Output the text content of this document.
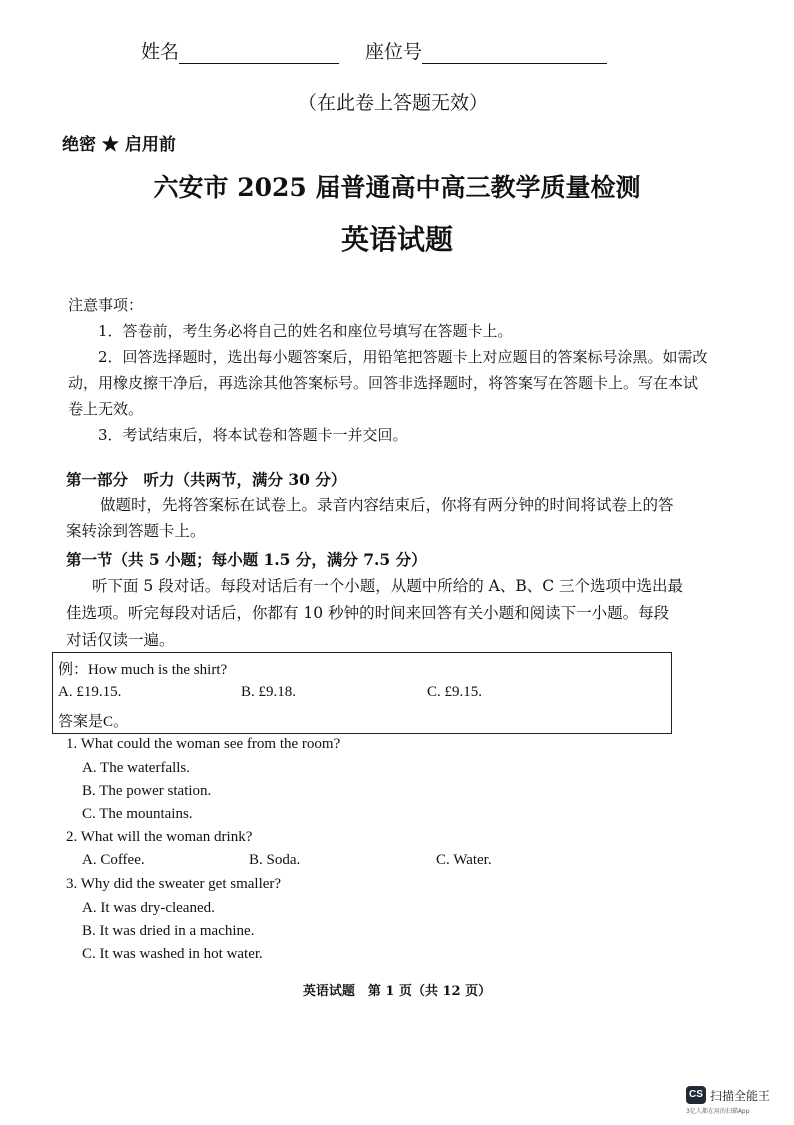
姓名	座位号
（在此卷上答题无效）
绝密 ★ 启用前
六安市 2025 届普通高中高三教学质量检测
英语试题
注意事项：
1．答卷前，考生务必将自己的姓名和座位号填写在答题卡上。
2．回答选择题时，选出每小题答案后，用铅笔把答题卡上对应题目的答案标号涂黑。如需改
动，用橡皮擦干净后，再选涂其他答案标号。回答非选择题时，将答案写在答题卡上。写在本试
卷上无效。
3．考试结束后，将本试卷和答题卡一并交回。
第一部分　听力（共两节，满分 30 分）
做题时，先将答案标在试卷上。录音内容结束后，你将有两分钟的时间将试卷上的答
案转涂到答题卡上。
第一节（共 5 小题；每小题 1.5 分，满分 7.5 分）
听下面 5 段对话。每段对话后有一个小题，从题中所给的 A、B、C 三个选项中选出最
佳选项。听完每段对话后，你都有 10 秒钟的时间来回答有关小题和阅读下一小题。每段
对话仅读一遍。
例：How much is the shirt?
A. £19.15.	B. £9.18.	C. £9.15.
答案是C。
1. What could the woman see from the room?
A. The waterfalls.
B. The power station.
C. The mountains.
2. What will the woman drink?
A. Coffee.	B. Soda.	C. Water.
3. Why did the sweater get smaller?
A. It was dry-cleaned.
B. It was dried in a machine.
C. It was washed in hot water.
英语试题　第 1 页（共 12 页）
CS 扫描全能王
3亿人都在用的扫描App
